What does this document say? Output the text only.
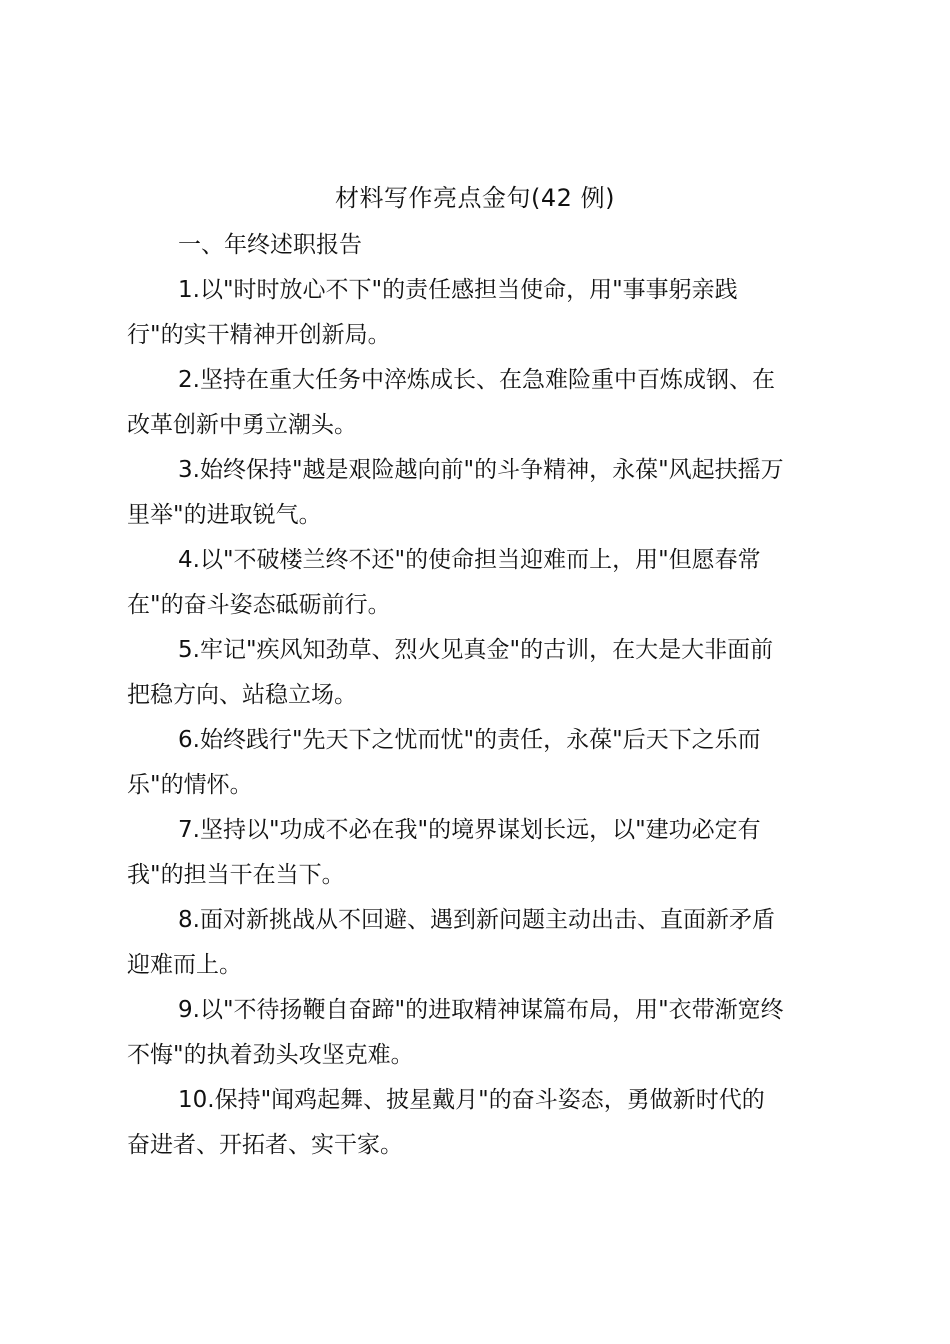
材料写作亮点金句(42 例)
一、年终述职报告

1.以"时时放心不下"的责任感担当使命，用"事事躬亲践
行"的实干精神开创新局。

2.坚持在重大任务中淬炼成长、在急难险重中百炼成钢、在
改革创新中勇立潮头。

3.始终保持"越是艰险越向前"的斗争精神，永葆"风起扶摇万
里举"的进取锐气。

4.以"不破楼兰终不还"的使命担当迎难而上，用"但愿春常
在"的奋斗姿态砥砺前行。

5.牢记"疾风知劲草、烈火见真金"的古训，在大是大非面前
把稳方向、站稳立场。

6.始终践行"先天下之忧而忧"的责任，永葆"后天下之乐而
乐"的情怀。

7.坚持以"功成不必在我"的境界谋划长远，以"建功必定有
我"的担当干在当下。

8.面对新挑战从不回避、遇到新问题主动出击、直面新矛盾
迎难而上。

9.以"不待扬鞭自奋蹄"的进取精神谋篇布局，用"衣带渐宽终
不悔"的执着劲头攻坚克难。

10.保持"闻鸡起舞、披星戴月"的奋斗姿态，勇做新时代的
奋进者、开拓者、实干家。
